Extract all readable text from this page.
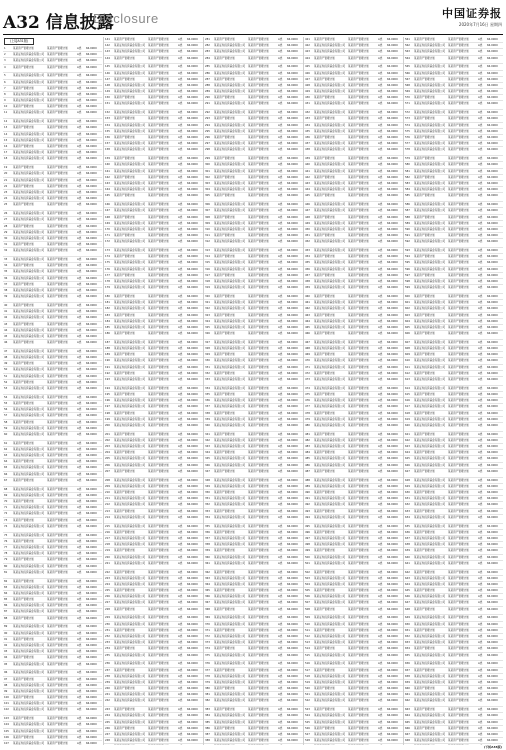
A32 信息披露
Disclosure	中国证券报
2020年7月16日 星期四
(上接A31版)
1	某某资产管理计划	某某资产管理计划	A类	66.0000
2	某某证券投资基金有限公司	某某资产管理计划	A类	66.0000
3	某某证券投资基金有限公司	某某资产管理计划	A类	66.0000
4	某某资产管理计划	某某资产管理计划	A类	66.0000
5	某某证券投资基金有限公司	某某资产管理计划	A类	66.0000
6	某某证券投资基金有限公司	某某资产管理计划	A类	66.0000
7	某某资产管理计划	某某资产管理计划	A类	66.0000
8	某某证券投资基金有限公司	某某资产管理计划	A类	66.0000
9	某某证券投资基金有限公司	某某资产管理计划	A类	66.0000
10	某某资产管理计划	某某资产管理计划	A类	66.0000
11	某某证券投资基金有限公司	某某资产管理计划	A类	66.0000
12	某某证券投资基金有限公司	某某资产管理计划	A类	66.0000
13	某某资产管理计划	某某资产管理计划	A类	66.0000
14	某某证券投资基金有限公司	某某资产管理计划	A类	66.0000
15	某某证券投资基金有限公司	某某资产管理计划	A类	66.0000
16	某某资产管理计划	某某资产管理计划	A类	66.0000
17	某某证券投资基金有限公司	某某资产管理计划	A类	66.0000
18	某某证券投资基金有限公司	某某资产管理计划	A类	66.0000
19	某某资产管理计划	某某资产管理计划	A类	66.0000
20	某某证券投资基金有限公司	某某资产管理计划	A类	66.0000
21	某某证券投资基金有限公司	某某资产管理计划	A类	66.0000
22	某某资产管理计划	某某资产管理计划	A类	66.0000
23	某某证券投资基金有限公司	某某资产管理计划	A类	66.0000
24	某某证券投资基金有限公司	某某资产管理计划	A类	66.0000
25	某某资产管理计划	某某资产管理计划	A类	66.0000
26	某某证券投资基金有限公司	某某资产管理计划	A类	66.0000
27	某某证券投资基金有限公司	某某资产管理计划	A类	66.0000
28	某某资产管理计划	某某资产管理计划	A类	66.0000
29	某某证券投资基金有限公司	某某资产管理计划	A类	66.0000
30	某某证券投资基金有限公司	某某资产管理计划	A类	66.0000
31	某某资产管理计划	某某资产管理计划	A类	66.0000
32	某某证券投资基金有限公司	某某资产管理计划	A类	66.0000
33	某某证券投资基金有限公司	某某资产管理计划	A类	66.0000
34	某某资产管理计划	某某资产管理计划	A类	66.0000
35	某某证券投资基金有限公司	某某资产管理计划	A类	66.0000
36	某某证券投资基金有限公司	某某资产管理计划	A类	66.0000
37	某某资产管理计划	某某资产管理计划	A类	66.0000
38	某某证券投资基金有限公司	某某资产管理计划	A类	66.0000
39	某某证券投资基金有限公司	某某资产管理计划	A类	66.0000
40	某某资产管理计划	某某资产管理计划	A类	66.0000
41	某某证券投资基金有限公司	某某资产管理计划	A类	66.0000
42	某某证券投资基金有限公司	某某资产管理计划	A类	66.0000
43	某某资产管理计划	某某资产管理计划	A类	66.0000
44	某某证券投资基金有限公司	某某资产管理计划	A类	66.0000
45	某某证券投资基金有限公司	某某资产管理计划	A类	66.0000
46	某某资产管理计划	某某资产管理计划	A类	66.0000
47	某某证券投资基金有限公司	某某资产管理计划	A类	66.0000
48	某某证券投资基金有限公司	某某资产管理计划	A类	66.0000
49	某某资产管理计划	某某资产管理计划	A类	66.0000
50	某某证券投资基金有限公司	某某资产管理计划	A类	66.0000
51	某某证券投资基金有限公司	某某资产管理计划	A类	66.0000
52	某某资产管理计划	某某资产管理计划	A类	66.0000
53	某某证券投资基金有限公司	某某资产管理计划	A类	66.0000
54	某某证券投资基金有限公司	某某资产管理计划	A类	66.0000
55	某某资产管理计划	某某资产管理计划	A类	66.0000
56	某某证券投资基金有限公司	某某资产管理计划	A类	66.0000
57	某某证券投资基金有限公司	某某资产管理计划	A类	66.0000
58	某某资产管理计划	某某资产管理计划	A类	66.0000
59	某某证券投资基金有限公司	某某资产管理计划	A类	66.0000
60	某某证券投资基金有限公司	某某资产管理计划	A类	66.0000
61	某某资产管理计划	某某资产管理计划	A类	66.0000
62	某某证券投资基金有限公司	某某资产管理计划	A类	66.0000
63	某某证券投资基金有限公司	某某资产管理计划	A类	66.0000
64	某某资产管理计划	某某资产管理计划	A类	66.0000
65	某某证券投资基金有限公司	某某资产管理计划	A类	66.0000
66	某某证券投资基金有限公司	某某资产管理计划	A类	66.0000
67	某某资产管理计划	某某资产管理计划	A类	66.0000
68	某某证券投资基金有限公司	某某资产管理计划	A类	66.0000
69	某某证券投资基金有限公司	某某资产管理计划	A类	66.0000
70	某某资产管理计划	某某资产管理计划	A类	66.0000
71	某某证券投资基金有限公司	某某资产管理计划	A类	66.0000
72	某某证券投资基金有限公司	某某资产管理计划	A类	66.0000
73	某某资产管理计划	某某资产管理计划	A类	66.0000
74	某某证券投资基金有限公司	某某资产管理计划	A类	66.0000
75	某某证券投资基金有限公司	某某资产管理计划	A类	66.0000
76	某某资产管理计划	某某资产管理计划	A类	66.0000
77	某某证券投资基金有限公司	某某资产管理计划	A类	66.0000
78	某某证券投资基金有限公司	某某资产管理计划	A类	66.0000
79	某某资产管理计划	某某资产管理计划	A类	66.0000
80	某某证券投资基金有限公司	某某资产管理计划	A类	66.0000
81	某某证券投资基金有限公司	某某资产管理计划	A类	66.0000
82	某某资产管理计划	某某资产管理计划	A类	66.0000
83	某某证券投资基金有限公司	某某资产管理计划	A类	66.0000
84	某某证券投资基金有限公司	某某资产管理计划	A类	66.0000
85	某某资产管理计划	某某资产管理计划	A类	66.0000
86	某某证券投资基金有限公司	某某资产管理计划	A类	66.0000
87	某某证券投资基金有限公司	某某资产管理计划	A类	66.0000
88	某某资产管理计划	某某资产管理计划	A类	66.0000
89	某某证券投资基金有限公司	某某资产管理计划	A类	66.0000
90	某某证券投资基金有限公司	某某资产管理计划	A类	66.0000
91	某某资产管理计划	某某资产管理计划	A类	66.0000
92	某某证券投资基金有限公司	某某资产管理计划	A类	66.0000
93	某某证券投资基金有限公司	某某资产管理计划	A类	66.0000
94	某某资产管理计划	某某资产管理计划	A类	66.0000
95	某某证券投资基金有限公司	某某资产管理计划	A类	66.0000
96	某某证券投资基金有限公司	某某资产管理计划	A类	66.0000
97	某某资产管理计划	某某资产管理计划	A类	66.0000
98	某某证券投资基金有限公司	某某资产管理计划	A类	66.0000
99	某某证券投资基金有限公司	某某资产管理计划	A类	66.0000
100	某某资产管理计划	某某资产管理计划	A类	66.0000
101	某某证券投资基金有限公司	某某资产管理计划	A类	66.0000
102	某某证券投资基金有限公司	某某资产管理计划	A类	66.0000
103	某某资产管理计划	某某资产管理计划	A类	66.0000
104	某某证券投资基金有限公司	某某资产管理计划	A类	66.0000
105	某某证券投资基金有限公司	某某资产管理计划	A类	66.0000
106	某某资产管理计划	某某资产管理计划	A类	66.0000
107	某某证券投资基金有限公司	某某资产管理计划	A类	66.0000
141	某某资产管理计划	某某资产管理计划	A类	66.0000
142	某某证券投资基金有限公司	某某资产管理计划	A类	66.0000
143	某某证券投资基金有限公司	某某资产管理计划	A类	66.0000
144	某某资产管理计划	某某资产管理计划	A类	66.0000
145	某某证券投资基金有限公司	某某资产管理计划	A类	66.0000
146	某某证券投资基金有限公司	某某资产管理计划	A类	66.0000
147	某某资产管理计划	某某资产管理计划	A类	66.0000
148	某某证券投资基金有限公司	某某资产管理计划	A类	66.0000
149	某某证券投资基金有限公司	某某资产管理计划	A类	66.0000
150	某某资产管理计划	某某资产管理计划	A类	66.0000
151	某某证券投资基金有限公司	某某资产管理计划	A类	66.0000
152	某某证券投资基金有限公司	某某资产管理计划	A类	66.0000
153	某某资产管理计划	某某资产管理计划	A类	66.0000
154	某某证券投资基金有限公司	某某资产管理计划	A类	66.0000
155	某某证券投资基金有限公司	某某资产管理计划	A类	66.0000
156	某某资产管理计划	某某资产管理计划	A类	66.0000
157	某某证券投资基金有限公司	某某资产管理计划	A类	66.0000
158	某某证券投资基金有限公司	某某资产管理计划	A类	66.0000
159	某某资产管理计划	某某资产管理计划	A类	66.0000
160	某某证券投资基金有限公司	某某资产管理计划	A类	66.0000
161	某某证券投资基金有限公司	某某资产管理计划	A类	66.0000
162	某某资产管理计划	某某资产管理计划	A类	66.0000
163	某某证券投资基金有限公司	某某资产管理计划	A类	66.0000
164	某某证券投资基金有限公司	某某资产管理计划	A类	66.0000
165	某某资产管理计划	某某资产管理计划	A类	66.0000
166	某某证券投资基金有限公司	某某资产管理计划	A类	66.0000
167	某某证券投资基金有限公司	某某资产管理计划	A类	66.0000
168	某某资产管理计划	某某资产管理计划	A类	66.0000
169	某某证券投资基金有限公司	某某资产管理计划	A类	66.0000
170	某某证券投资基金有限公司	某某资产管理计划	A类	66.0000
171	某某资产管理计划	某某资产管理计划	A类	66.0000
172	某某证券投资基金有限公司	某某资产管理计划	A类	66.0000
173	某某证券投资基金有限公司	某某资产管理计划	A类	66.0000
174	某某资产管理计划	某某资产管理计划	A类	66.0000
175	某某证券投资基金有限公司	某某资产管理计划	A类	66.0000
176	某某证券投资基金有限公司	某某资产管理计划	A类	66.0000
177	某某资产管理计划	某某资产管理计划	A类	66.0000
178	某某证券投资基金有限公司	某某资产管理计划	A类	66.0000
179	某某证券投资基金有限公司	某某资产管理计划	A类	66.0000
180	某某资产管理计划	某某资产管理计划	A类	66.0000
181	某某证券投资基金有限公司	某某资产管理计划	A类	66.0000
182	某某证券投资基金有限公司	某某资产管理计划	A类	66.0000
183	某某资产管理计划	某某资产管理计划	A类	66.0000
184	某某证券投资基金有限公司	某某资产管理计划	A类	66.0000
185	某某证券投资基金有限公司	某某资产管理计划	A类	66.0000
186	某某资产管理计划	某某资产管理计划	A类	66.0000
187	某某证券投资基金有限公司	某某资产管理计划	A类	66.0000
188	某某证券投资基金有限公司	某某资产管理计划	A类	66.0000
189	某某资产管理计划	某某资产管理计划	A类	66.0000
190	某某证券投资基金有限公司	某某资产管理计划	A类	66.0000
191	某某证券投资基金有限公司	某某资产管理计划	A类	66.0000
192	某某资产管理计划	某某资产管理计划	A类	66.0000
193	某某证券投资基金有限公司	某某资产管理计划	A类	66.0000
194	某某证券投资基金有限公司	某某资产管理计划	A类	66.0000
195	某某资产管理计划	某某资产管理计划	A类	66.0000
196	某某证券投资基金有限公司	某某资产管理计划	A类	66.0000
197	某某证券投资基金有限公司	某某资产管理计划	A类	66.0000
198	某某资产管理计划	某某资产管理计划	A类	66.0000
199	某某证券投资基金有限公司	某某资产管理计划	A类	66.0000
200	某某证券投资基金有限公司	某某资产管理计划	A类	66.0000
201	某某资产管理计划	某某资产管理计划	A类	66.0000
202	某某证券投资基金有限公司	某某资产管理计划	A类	66.0000
203	某某证券投资基金有限公司	某某资产管理计划	A类	66.0000
204	某某资产管理计划	某某资产管理计划	A类	66.0000
205	某某证券投资基金有限公司	某某资产管理计划	A类	66.0000
206	某某证券投资基金有限公司	某某资产管理计划	A类	66.0000
207	某某资产管理计划	某某资产管理计划	A类	66.0000
208	某某证券投资基金有限公司	某某资产管理计划	A类	66.0000
209	某某证券投资基金有限公司	某某资产管理计划	A类	66.0000
210	某某资产管理计划	某某资产管理计划	A类	66.0000
211	某某证券投资基金有限公司	某某资产管理计划	A类	66.0000
212	某某证券投资基金有限公司	某某资产管理计划	A类	66.0000
213	某某资产管理计划	某某资产管理计划	A类	66.0000
214	某某证券投资基金有限公司	某某资产管理计划	A类	66.0000
215	某某证券投资基金有限公司	某某资产管理计划	A类	66.0000
216	某某资产管理计划	某某资产管理计划	A类	66.0000
217	某某证券投资基金有限公司	某某资产管理计划	A类	66.0000
218	某某证券投资基金有限公司	某某资产管理计划	A类	66.0000
219	某某资产管理计划	某某资产管理计划	A类	66.0000
220	某某证券投资基金有限公司	某某资产管理计划	A类	66.0000
221	某某证券投资基金有限公司	某某资产管理计划	A类	66.0000
222	某某资产管理计划	某某资产管理计划	A类	66.0000
223	某某证券投资基金有限公司	某某资产管理计划	A类	66.0000
224	某某证券投资基金有限公司	某某资产管理计划	A类	66.0000
225	某某资产管理计划	某某资产管理计划	A类	66.0000
226	某某证券投资基金有限公司	某某资产管理计划	A类	66.0000
227	某某证券投资基金有限公司	某某资产管理计划	A类	66.0000
228	某某资产管理计划	某某资产管理计划	A类	66.0000
229	某某证券投资基金有限公司	某某资产管理计划	A类	66.0000
230	某某证券投资基金有限公司	某某资产管理计划	A类	66.0000
231	某某资产管理计划	某某资产管理计划	A类	66.0000
232	某某证券投资基金有限公司	某某资产管理计划	A类	66.0000
233	某某证券投资基金有限公司	某某资产管理计划	A类	66.0000
234	某某资产管理计划	某某资产管理计划	A类	66.0000
235	某某证券投资基金有限公司	某某资产管理计划	A类	66.0000
236	某某证券投资基金有限公司	某某资产管理计划	A类	66.0000
237	某某资产管理计划	某某资产管理计划	A类	66.0000
238	某某证券投资基金有限公司	某某资产管理计划	A类	66.0000
239	某某证券投资基金有限公司	某某资产管理计划	A类	66.0000
240	某某资产管理计划	某某资产管理计划	A类	66.0000
241	某某证券投资基金有限公司	某某资产管理计划	A类	66.0000
242	某某证券投资基金有限公司	某某资产管理计划	A类	66.0000
243	某某资产管理计划	某某资产管理计划	A类	66.0000
244	某某证券投资基金有限公司	某某资产管理计划	A类	66.0000
245	某某证券投资基金有限公司	某某资产管理计划	A类	66.0000
246	某某资产管理计划	某某资产管理计划	A类	66.0000
247	某某证券投资基金有限公司	某某资产管理计划	A类	66.0000
248	某某证券投资基金有限公司	某某资产管理计划	A类	66.0000
281	某某资产管理计划	某某资产管理计划	A类	66.0000
282	某某证券投资基金有限公司	某某资产管理计划	A类	66.0000
283	某某证券投资基金有限公司	某某资产管理计划	A类	66.0000
284	某某资产管理计划	某某资产管理计划	A类	66.0000
285	某某证券投资基金有限公司	某某资产管理计划	A类	66.0000
286	某某证券投资基金有限公司	某某资产管理计划	A类	66.0000
287	某某资产管理计划	某某资产管理计划	A类	66.0000
288	某某证券投资基金有限公司	某某资产管理计划	A类	66.0000
289	某某证券投资基金有限公司	某某资产管理计划	A类	66.0000
290	某某资产管理计划	某某资产管理计划	A类	66.0000
291	某某证券投资基金有限公司	某某资产管理计划	A类	66.0000
292	某某证券投资基金有限公司	某某资产管理计划	A类	66.0000
293	某某资产管理计划	某某资产管理计划	A类	66.0000
294	某某证券投资基金有限公司	某某资产管理计划	A类	66.0000
295	某某证券投资基金有限公司	某某资产管理计划	A类	66.0000
296	某某资产管理计划	某某资产管理计划	A类	66.0000
297	某某证券投资基金有限公司	某某资产管理计划	A类	66.0000
298	某某证券投资基金有限公司	某某资产管理计划	A类	66.0000
299	某某资产管理计划	某某资产管理计划	A类	66.0000
300	某某证券投资基金有限公司	某某资产管理计划	A类	66.0000
301	某某证券投资基金有限公司	某某资产管理计划	A类	66.0000
302	某某资产管理计划	某某资产管理计划	A类	66.0000
303	某某证券投资基金有限公司	某某资产管理计划	A类	66.0000
304	某某证券投资基金有限公司	某某资产管理计划	A类	66.0000
305	某某资产管理计划	某某资产管理计划	A类	66.0000
306	某某证券投资基金有限公司	某某资产管理计划	A类	66.0000
307	某某证券投资基金有限公司	某某资产管理计划	A类	66.0000
308	某某资产管理计划	某某资产管理计划	A类	66.0000
309	某某证券投资基金有限公司	某某资产管理计划	A类	66.0000
310	某某证券投资基金有限公司	某某资产管理计划	A类	66.0000
311	某某资产管理计划	某某资产管理计划	A类	66.0000
312	某某证券投资基金有限公司	某某资产管理计划	A类	66.0000
313	某某证券投资基金有限公司	某某资产管理计划	A类	66.0000
314	某某资产管理计划	某某资产管理计划	A类	66.0000
315	某某证券投资基金有限公司	某某资产管理计划	A类	66.0000
316	某某证券投资基金有限公司	某某资产管理计划	A类	66.0000
317	某某资产管理计划	某某资产管理计划	A类	66.0000
318	某某证券投资基金有限公司	某某资产管理计划	A类	66.0000
319	某某证券投资基金有限公司	某某资产管理计划	A类	66.0000
320	某某资产管理计划	某某资产管理计划	A类	66.0000
321	某某证券投资基金有限公司	某某资产管理计划	A类	66.0000
322	某某证券投资基金有限公司	某某资产管理计划	A类	66.0000
323	某某资产管理计划	某某资产管理计划	A类	66.0000
324	某某证券投资基金有限公司	某某资产管理计划	A类	66.0000
325	某某证券投资基金有限公司	某某资产管理计划	A类	66.0000
326	某某资产管理计划	某某资产管理计划	A类	66.0000
327	某某证券投资基金有限公司	某某资产管理计划	A类	66.0000
328	某某证券投资基金有限公司	某某资产管理计划	A类	66.0000
329	某某资产管理计划	某某资产管理计划	A类	66.0000
330	某某证券投资基金有限公司	某某资产管理计划	A类	66.0000
331	某某证券投资基金有限公司	某某资产管理计划	A类	66.0000
332	某某资产管理计划	某某资产管理计划	A类	66.0000
333	某某证券投资基金有限公司	某某资产管理计划	A类	66.0000
334	某某证券投资基金有限公司	某某资产管理计划	A类	66.0000
335	某某资产管理计划	某某资产管理计划	A类	66.0000
336	某某证券投资基金有限公司	某某资产管理计划	A类	66.0000
337	某某证券投资基金有限公司	某某资产管理计划	A类	66.0000
338	某某资产管理计划	某某资产管理计划	A类	66.0000
339	某某证券投资基金有限公司	某某资产管理计划	A类	66.0000
340	某某证券投资基金有限公司	某某资产管理计划	A类	66.0000
341	某某资产管理计划	某某资产管理计划	A类	66.0000
342	某某证券投资基金有限公司	某某资产管理计划	A类	66.0000
343	某某证券投资基金有限公司	某某资产管理计划	A类	66.0000
344	某某资产管理计划	某某资产管理计划	A类	66.0000
345	某某证券投资基金有限公司	某某资产管理计划	A类	66.0000
346	某某证券投资基金有限公司	某某资产管理计划	A类	66.0000
347	某某资产管理计划	某某资产管理计划	A类	66.0000
348	某某证券投资基金有限公司	某某资产管理计划	A类	66.0000
349	某某证券投资基金有限公司	某某资产管理计划	A类	66.0000
350	某某资产管理计划	某某资产管理计划	A类	66.0000
351	某某证券投资基金有限公司	某某资产管理计划	A类	66.0000
352	某某证券投资基金有限公司	某某资产管理计划	A类	66.0000
353	某某资产管理计划	某某资产管理计划	A类	66.0000
354	某某证券投资基金有限公司	某某资产管理计划	A类	66.0000
355	某某证券投资基金有限公司	某某资产管理计划	A类	66.0000
356	某某资产管理计划	某某资产管理计划	A类	66.0000
357	某某证券投资基金有限公司	某某资产管理计划	A类	66.0000
358	某某证券投资基金有限公司	某某资产管理计划	A类	66.0000
359	某某资产管理计划	某某资产管理计划	A类	66.0000
360	某某证券投资基金有限公司	某某资产管理计划	A类	66.0000
361	某某证券投资基金有限公司	某某资产管理计划	A类	66.0000
362	某某资产管理计划	某某资产管理计划	A类	66.0000
363	某某证券投资基金有限公司	某某资产管理计划	A类	66.0000
364	某某证券投资基金有限公司	某某资产管理计划	A类	66.0000
365	某某资产管理计划	某某资产管理计划	A类	66.0000
366	某某证券投资基金有限公司	某某资产管理计划	A类	66.0000
367	某某证券投资基金有限公司	某某资产管理计划	A类	66.0000
368	某某资产管理计划	某某资产管理计划	A类	66.0000
369	某某证券投资基金有限公司	某某资产管理计划	A类	66.0000
370	某某证券投资基金有限公司	某某资产管理计划	A类	66.0000
371	某某资产管理计划	某某资产管理计划	A类	66.0000
372	某某证券投资基金有限公司	某某资产管理计划	A类	66.0000
373	某某证券投资基金有限公司	某某资产管理计划	A类	66.0000
374	某某资产管理计划	某某资产管理计划	A类	66.0000
375	某某证券投资基金有限公司	某某资产管理计划	A类	66.0000
376	某某证券投资基金有限公司	某某资产管理计划	A类	66.0000
377	某某资产管理计划	某某资产管理计划	A类	66.0000
378	某某证券投资基金有限公司	某某资产管理计划	A类	66.0000
379	某某证券投资基金有限公司	某某资产管理计划	A类	66.0000
380	某某资产管理计划	某某资产管理计划	A类	66.0000
381	某某证券投资基金有限公司	某某资产管理计划	A类	66.0000
382	某某证券投资基金有限公司	某某资产管理计划	A类	66.0000
383	某某资产管理计划	某某资产管理计划	A类	66.0000
384	某某证券投资基金有限公司	某某资产管理计划	A类	66.0000
385	某某证券投资基金有限公司	某某资产管理计划	A类	66.0000
386	某某资产管理计划	某某资产管理计划	A类	66.0000
387	某某证券投资基金有限公司	某某资产管理计划	A类	66.0000
388	某某证券投资基金有限公司	某某资产管理计划	A类	66.0000
421	某某资产管理计划	某某资产管理计划	A类	66.0000
422	某某证券投资基金有限公司	某某资产管理计划	A类	66.0000
423	某某证券投资基金有限公司	某某资产管理计划	A类	66.0000
424	某某资产管理计划	某某资产管理计划	A类	66.0000
425	某某证券投资基金有限公司	某某资产管理计划	A类	66.0000
426	某某证券投资基金有限公司	某某资产管理计划	A类	66.0000
427	某某资产管理计划	某某资产管理计划	A类	66.0000
428	某某证券投资基金有限公司	某某资产管理计划	A类	66.0000
429	某某证券投资基金有限公司	某某资产管理计划	A类	66.0000
430	某某资产管理计划	某某资产管理计划	A类	66.0000
431	某某证券投资基金有限公司	某某资产管理计划	A类	66.0000
432	某某证券投资基金有限公司	某某资产管理计划	A类	66.0000
433	某某资产管理计划	某某资产管理计划	A类	66.0000
434	某某证券投资基金有限公司	某某资产管理计划	A类	66.0000
435	某某证券投资基金有限公司	某某资产管理计划	A类	66.0000
436	某某资产管理计划	某某资产管理计划	A类	66.0000
437	某某证券投资基金有限公司	某某资产管理计划	A类	66.0000
438	某某证券投资基金有限公司	某某资产管理计划	A类	66.0000
439	某某资产管理计划	某某资产管理计划	A类	66.0000
440	某某证券投资基金有限公司	某某资产管理计划	A类	66.0000
441	某某证券投资基金有限公司	某某资产管理计划	A类	66.0000
442	某某资产管理计划	某某资产管理计划	A类	66.0000
443	某某证券投资基金有限公司	某某资产管理计划	A类	66.0000
444	某某证券投资基金有限公司	某某资产管理计划	A类	66.0000
445	某某资产管理计划	某某资产管理计划	A类	66.0000
446	某某证券投资基金有限公司	某某资产管理计划	A类	66.0000
447	某某证券投资基金有限公司	某某资产管理计划	A类	66.0000
448	某某资产管理计划	某某资产管理计划	A类	66.0000
449	某某证券投资基金有限公司	某某资产管理计划	A类	66.0000
450	某某证券投资基金有限公司	某某资产管理计划	A类	66.0000
451	某某资产管理计划	某某资产管理计划	A类	66.0000
452	某某证券投资基金有限公司	某某资产管理计划	A类	66.0000
453	某某证券投资基金有限公司	某某资产管理计划	A类	66.0000
454	某某资产管理计划	某某资产管理计划	A类	66.0000
455	某某证券投资基金有限公司	某某资产管理计划	A类	66.0000
456	某某证券投资基金有限公司	某某资产管理计划	A类	66.0000
457	某某资产管理计划	某某资产管理计划	A类	66.0000
458	某某证券投资基金有限公司	某某资产管理计划	A类	66.0000
459	某某证券投资基金有限公司	某某资产管理计划	A类	66.0000
460	某某资产管理计划	某某资产管理计划	A类	66.0000
461	某某证券投资基金有限公司	某某资产管理计划	A类	66.0000
462	某某证券投资基金有限公司	某某资产管理计划	A类	66.0000
463	某某资产管理计划	某某资产管理计划	A类	66.0000
464	某某证券投资基金有限公司	某某资产管理计划	A类	66.0000
465	某某证券投资基金有限公司	某某资产管理计划	A类	66.0000
466	某某资产管理计划	某某资产管理计划	A类	66.0000
467	某某证券投资基金有限公司	某某资产管理计划	A类	66.0000
468	某某证券投资基金有限公司	某某资产管理计划	A类	66.0000
469	某某资产管理计划	某某资产管理计划	A类	66.0000
470	某某证券投资基金有限公司	某某资产管理计划	A类	66.0000
471	某某证券投资基金有限公司	某某资产管理计划	A类	66.0000
472	某某资产管理计划	某某资产管理计划	A类	66.0000
473	某某证券投资基金有限公司	某某资产管理计划	A类	66.0000
474	某某证券投资基金有限公司	某某资产管理计划	A类	66.0000
475	某某资产管理计划	某某资产管理计划	A类	66.0000
476	某某证券投资基金有限公司	某某资产管理计划	A类	66.0000
477	某某证券投资基金有限公司	某某资产管理计划	A类	66.0000
478	某某资产管理计划	某某资产管理计划	A类	66.0000
479	某某证券投资基金有限公司	某某资产管理计划	A类	66.0000
480	某某证券投资基金有限公司	某某资产管理计划	A类	66.0000
481	某某资产管理计划	某某资产管理计划	A类	66.0000
482	某某证券投资基金有限公司	某某资产管理计划	A类	66.0000
483	某某证券投资基金有限公司	某某资产管理计划	A类	66.0000
484	某某资产管理计划	某某资产管理计划	A类	66.0000
485	某某证券投资基金有限公司	某某资产管理计划	A类	66.0000
486	某某证券投资基金有限公司	某某资产管理计划	A类	66.0000
487	某某资产管理计划	某某资产管理计划	A类	66.0000
488	某某证券投资基金有限公司	某某资产管理计划	A类	66.0000
489	某某证券投资基金有限公司	某某资产管理计划	A类	66.0000
490	某某资产管理计划	某某资产管理计划	A类	66.0000
491	某某证券投资基金有限公司	某某资产管理计划	A类	66.0000
492	某某证券投资基金有限公司	某某资产管理计划	A类	66.0000
493	某某资产管理计划	某某资产管理计划	A类	66.0000
494	某某证券投资基金有限公司	某某资产管理计划	A类	66.0000
495	某某证券投资基金有限公司	某某资产管理计划	A类	66.0000
496	某某资产管理计划	某某资产管理计划	A类	66.0000
497	某某证券投资基金有限公司	某某资产管理计划	A类	66.0000
498	某某证券投资基金有限公司	某某资产管理计划	A类	66.0000
499	某某资产管理计划	某某资产管理计划	A类	66.0000
500	某某证券投资基金有限公司	某某资产管理计划	A类	66.0000
501	某某证券投资基金有限公司	某某资产管理计划	A类	66.0000
502	某某资产管理计划	某某资产管理计划	A类	66.0000
503	某某证券投资基金有限公司	某某资产管理计划	A类	66.0000
504	某某证券投资基金有限公司	某某资产管理计划	A类	66.0000
505	某某资产管理计划	某某资产管理计划	A类	66.0000
506	某某证券投资基金有限公司	某某资产管理计划	A类	66.0000
507	某某证券投资基金有限公司	某某资产管理计划	A类	66.0000
508	某某资产管理计划	某某资产管理计划	A类	66.0000
509	某某证券投资基金有限公司	某某资产管理计划	A类	66.0000
510	某某证券投资基金有限公司	某某资产管理计划	A类	66.0000
511	某某资产管理计划	某某资产管理计划	A类	66.0000
512	某某证券投资基金有限公司	某某资产管理计划	A类	66.0000
513	某某证券投资基金有限公司	某某资产管理计划	A类	66.0000
514	某某资产管理计划	某某资产管理计划	A类	66.0000
515	某某证券投资基金有限公司	某某资产管理计划	A类	66.0000
516	某某证券投资基金有限公司	某某资产管理计划	A类	66.0000
517	某某资产管理计划	某某资产管理计划	A类	66.0000
518	某某证券投资基金有限公司	某某资产管理计划	A类	66.0000
519	某某证券投资基金有限公司	某某资产管理计划	A类	66.0000
520	某某资产管理计划	某某资产管理计划	A类	66.0000
521	某某证券投资基金有限公司	某某资产管理计划	A类	66.0000
522	某某证券投资基金有限公司	某某资产管理计划	A类	66.0000
523	某某资产管理计划	某某资产管理计划	A类	66.0000
524	某某证券投资基金有限公司	某某资产管理计划	A类	66.0000
525	某某证券投资基金有限公司	某某资产管理计划	A类	66.0000
526	某某资产管理计划	某某资产管理计划	A类	66.0000
527	某某证券投资基金有限公司	某某资产管理计划	A类	66.0000
528	某某证券投资基金有限公司	某某资产管理计划	A类	66.0000
561	某某资产管理计划	某某资产管理计划	A类	66.0000
562	某某证券投资基金有限公司	某某资产管理计划	A类	66.0000
563	某某证券投资基金有限公司	某某资产管理计划	A类	66.0000
564	某某资产管理计划	某某资产管理计划	A类	66.0000
565	某某证券投资基金有限公司	某某资产管理计划	A类	66.0000
566	某某证券投资基金有限公司	某某资产管理计划	A类	66.0000
567	某某资产管理计划	某某资产管理计划	A类	66.0000
568	某某证券投资基金有限公司	某某资产管理计划	A类	66.0000
569	某某证券投资基金有限公司	某某资产管理计划	A类	66.0000
570	某某资产管理计划	某某资产管理计划	A类	66.0000
571	某某证券投资基金有限公司	某某资产管理计划	A类	66.0000
572	某某证券投资基金有限公司	某某资产管理计划	A类	66.0000
573	某某资产管理计划	某某资产管理计划	A类	66.0000
574	某某证券投资基金有限公司	某某资产管理计划	A类	66.0000
575	某某证券投资基金有限公司	某某资产管理计划	A类	66.0000
576	某某资产管理计划	某某资产管理计划	A类	66.0000
577	某某证券投资基金有限公司	某某资产管理计划	A类	66.0000
578	某某证券投资基金有限公司	某某资产管理计划	A类	66.0000
579	某某资产管理计划	某某资产管理计划	A类	66.0000
580	某某证券投资基金有限公司	某某资产管理计划	A类	66.0000
581	某某证券投资基金有限公司	某某资产管理计划	A类	66.0000
582	某某资产管理计划	某某资产管理计划	A类	66.0000
583	某某证券投资基金有限公司	某某资产管理计划	A类	66.0000
584	某某证券投资基金有限公司	某某资产管理计划	A类	66.0000
585	某某资产管理计划	某某资产管理计划	A类	66.0000
586	某某证券投资基金有限公司	某某资产管理计划	A类	66.0000
587	某某证券投资基金有限公司	某某资产管理计划	A类	66.0000
588	某某资产管理计划	某某资产管理计划	A类	66.0000
589	某某证券投资基金有限公司	某某资产管理计划	A类	66.0000
590	某某证券投资基金有限公司	某某资产管理计划	A类	66.0000
591	某某资产管理计划	某某资产管理计划	A类	66.0000
592	某某证券投资基金有限公司	某某资产管理计划	A类	66.0000
593	某某证券投资基金有限公司	某某资产管理计划	A类	66.0000
594	某某资产管理计划	某某资产管理计划	A类	66.0000
595	某某证券投资基金有限公司	某某资产管理计划	A类	66.0000
596	某某证券投资基金有限公司	某某资产管理计划	A类	66.0000
597	某某资产管理计划	某某资产管理计划	A类	66.0000
598	某某证券投资基金有限公司	某某资产管理计划	A类	66.0000
599	某某证券投资基金有限公司	某某资产管理计划	A类	66.0000
600	某某资产管理计划	某某资产管理计划	A类	66.0000
601	某某证券投资基金有限公司	某某资产管理计划	A类	66.0000
602	某某证券投资基金有限公司	某某资产管理计划	A类	66.0000
603	某某资产管理计划	某某资产管理计划	A类	66.0000
604	某某证券投资基金有限公司	某某资产管理计划	A类	66.0000
605	某某证券投资基金有限公司	某某资产管理计划	A类	66.0000
606	某某资产管理计划	某某资产管理计划	A类	66.0000
607	某某证券投资基金有限公司	某某资产管理计划	A类	66.0000
608	某某证券投资基金有限公司	某某资产管理计划	A类	66.0000
609	某某资产管理计划	某某资产管理计划	A类	66.0000
610	某某证券投资基金有限公司	某某资产管理计划	A类	66.0000
611	某某证券投资基金有限公司	某某资产管理计划	A类	66.0000
612	某某资产管理计划	某某资产管理计划	A类	66.0000
613	某某证券投资基金有限公司	某某资产管理计划	A类	66.0000
614	某某证券投资基金有限公司	某某资产管理计划	A类	66.0000
615	某某资产管理计划	某某资产管理计划	A类	66.0000
616	某某证券投资基金有限公司	某某资产管理计划	A类	66.0000
617	某某证券投资基金有限公司	某某资产管理计划	A类	66.0000
618	某某资产管理计划	某某资产管理计划	A类	66.0000
619	某某证券投资基金有限公司	某某资产管理计划	A类	66.0000
620	某某证券投资基金有限公司	某某资产管理计划	A类	66.0000
621	某某资产管理计划	某某资产管理计划	A类	66.0000
622	某某证券投资基金有限公司	某某资产管理计划	A类	66.0000
623	某某证券投资基金有限公司	某某资产管理计划	A类	66.0000
624	某某资产管理计划	某某资产管理计划	A类	66.0000
625	某某证券投资基金有限公司	某某资产管理计划	A类	66.0000
626	某某证券投资基金有限公司	某某资产管理计划	A类	66.0000
627	某某资产管理计划	某某资产管理计划	A类	66.0000
628	某某证券投资基金有限公司	某某资产管理计划	A类	66.0000
629	某某证券投资基金有限公司	某某资产管理计划	A类	66.0000
630	某某资产管理计划	某某资产管理计划	A类	66.0000
631	某某证券投资基金有限公司	某某资产管理计划	A类	66.0000
632	某某证券投资基金有限公司	某某资产管理计划	A类	66.0000
633	某某资产管理计划	某某资产管理计划	A类	66.0000
634	某某证券投资基金有限公司	某某资产管理计划	A类	66.0000
635	某某证券投资基金有限公司	某某资产管理计划	A类	66.0000
636	某某资产管理计划	某某资产管理计划	A类	66.0000
637	某某证券投资基金有限公司	某某资产管理计划	A类	66.0000
638	某某证券投资基金有限公司	某某资产管理计划	A类	66.0000
639	某某资产管理计划	某某资产管理计划	A类	66.0000
640	某某证券投资基金有限公司	某某资产管理计划	A类	66.0000
641	某某证券投资基金有限公司	某某资产管理计划	A类	66.0000
642	某某资产管理计划	某某资产管理计划	A类	66.0000
643	某某证券投资基金有限公司	某某资产管理计划	A类	66.0000
644	某某证券投资基金有限公司	某某资产管理计划	A类	66.0000
645	某某资产管理计划	某某资产管理计划	A类	66.0000
646	某某证券投资基金有限公司	某某资产管理计划	A类	66.0000
647	某某证券投资基金有限公司	某某资产管理计划	A类	66.0000
648	某某资产管理计划	某某资产管理计划	A类	66.0000
649	某某证券投资基金有限公司	某某资产管理计划	A类	66.0000
650	某某证券投资基金有限公司	某某资产管理计划	A类	66.0000
651	某某资产管理计划	某某资产管理计划	A类	66.0000
652	某某证券投资基金有限公司	某某资产管理计划	A类	66.0000
653	某某证券投资基金有限公司	某某资产管理计划	A类	66.0000
654	某某资产管理计划	某某资产管理计划	A类	66.0000
655	某某证券投资基金有限公司	某某资产管理计划	A类	66.0000
656	某某证券投资基金有限公司	某某资产管理计划	A类	66.0000
657	某某资产管理计划	某某资产管理计划	A类	66.0000
658	某某证券投资基金有限公司	某某资产管理计划	A类	66.0000
659	某某证券投资基金有限公司	某某资产管理计划	A类	66.0000
660	某某资产管理计划	某某资产管理计划	A类	66.0000
661	某某证券投资基金有限公司	某某资产管理计划	A类	66.0000
662	某某证券投资基金有限公司	某某资产管理计划	A类	66.0000
663	某某资产管理计划	某某资产管理计划	A类	66.0000
664	某某证券投资基金有限公司	某某资产管理计划	A类	66.0000
665	某某证券投资基金有限公司	某某资产管理计划	A类	66.0000
666	某某资产管理计划	某某资产管理计划	A类	66.0000
667	某某证券投资基金有限公司	某某资产管理计划	A类	66.0000
668	某某证券投资基金有限公司	某某资产管理计划	A类	66.0000
(下转A33版)
